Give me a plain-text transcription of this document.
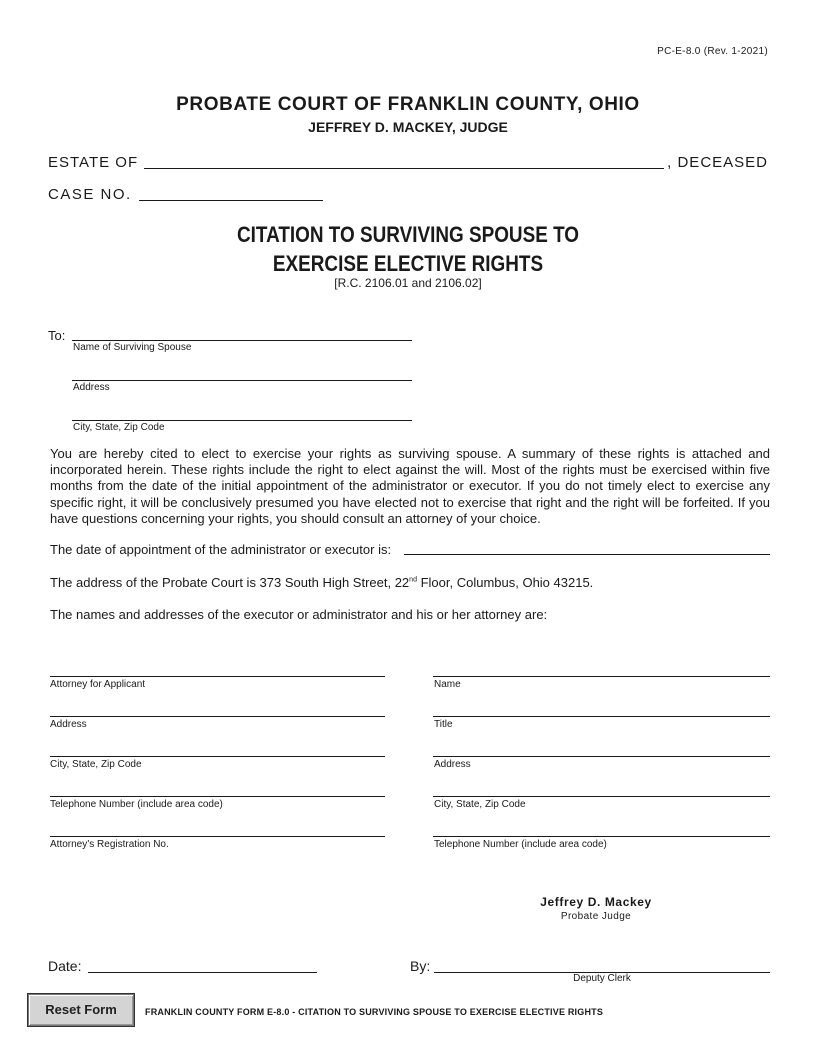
PC-E-8.0 (Rev. 1-2021)
PROBATE COURT OF FRANKLIN COUNTY, OHIO
JEFFREY D. MACKEY, JUDGE
ESTATE OF	, DECEASED
CASE NO.
CITATION TO SURVIVING SPOUSE TO
EXERCISE ELECTIVE RIGHTS
[R.C. 2106.01 and 2106.02]
To:
Name of Surviving Spouse
Address
City, State, Zip Code
You are hereby cited to elect to exercise your rights as surviving spouse. A summary of these rights is attached and incorporated herein. These rights include the right to elect against the will. Most of the rights must be exercised within five months from the date of the initial appointment of the administrator or executor. If you do not timely elect to exercise any specific right, it will be conclusively presumed you have elected not to exercise that right and the right will be forfeited. If you have questions concerning your rights, you should consult an attorney of your choice.
The date of appointment of the administrator or executor is:
The address of the Probate Court is 373 South High Street, 22nd Floor, Columbus, Ohio 43215.
The names and addresses of the executor or administrator and his or her attorney are:
Attorney for Applicant
Address
City, State, Zip Code
Telephone Number (include area code)
Attorney’s Registration No.
Name
Title
Address
City, State, Zip Code
Telephone Number (include area code)
Jeffrey D. Mackey
Probate Judge
Date:	By:
Deputy Clerk
Reset Form	FRANKLIN COUNTY FORM E-8.0 - CITATION TO SURVIVING SPOUSE TO EXERCISE ELECTIVE RIGHTS
